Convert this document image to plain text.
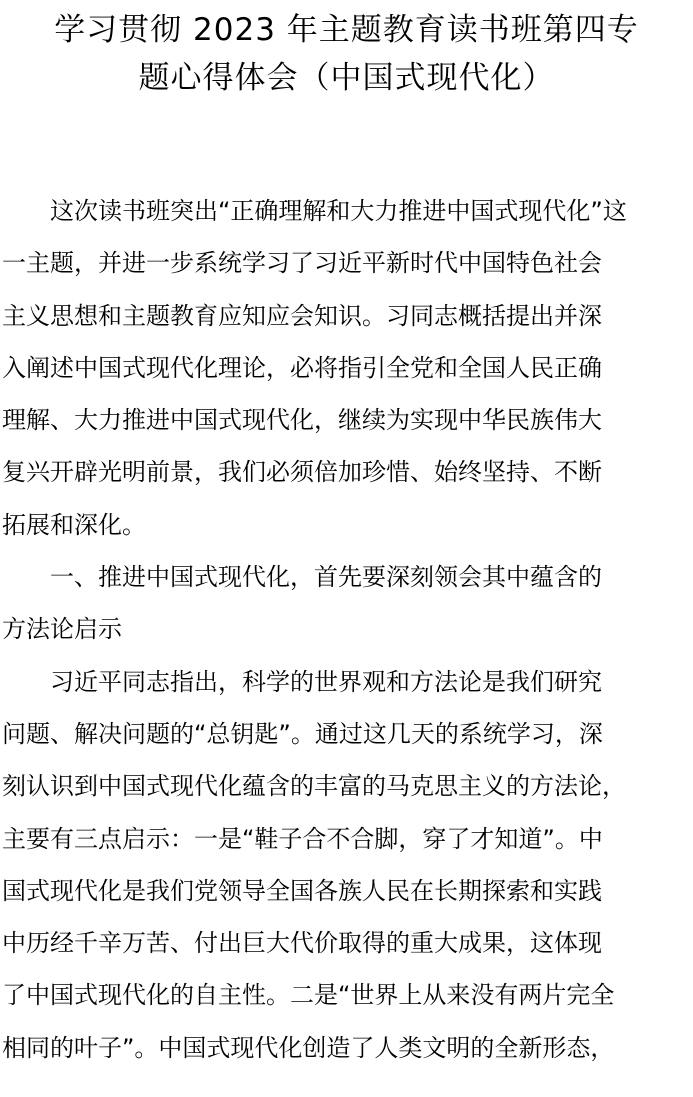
学习贯彻 2023 年主题教育读书班第四专
题心得体会（中国式现代化）

　　这次读书班突出“正确理解和大力推进中国式现代化”这
一主题，并进一步系统学习了习近平新时代中国特色社会
主义思想和主题教育应知应会知识。习同志概括提出并深
入阐述中国式现代化理论，必将指引全党和全国人民正确
理解、大力推进中国式现代化，继续为实现中华民族伟大
复兴开辟光明前景，我们必须倍加珍惜、始终坚持、不断
拓展和深化。

　　一、推进中国式现代化，首先要深刻领会其中蕴含的
方法论启示

　　习近平同志指出，科学的世界观和方法论是我们研究
问题、解决问题的“总钥匙”。通过这几天的系统学习，深
刻认识到中国式现代化蕴含的丰富的马克思主义的方法论，
主要有三点启示：一是“鞋子合不合脚，穿了才知道”。中
国式现代化是我们党领导全国各族人民在长期探索和实践
中历经千辛万苦、付出巨大代价取得的重大成果，这体现
了中国式现代化的自主性。二是“世界上从来没有两片完全
相同的叶子”。中国式现代化创造了人类文明的全新形态，
